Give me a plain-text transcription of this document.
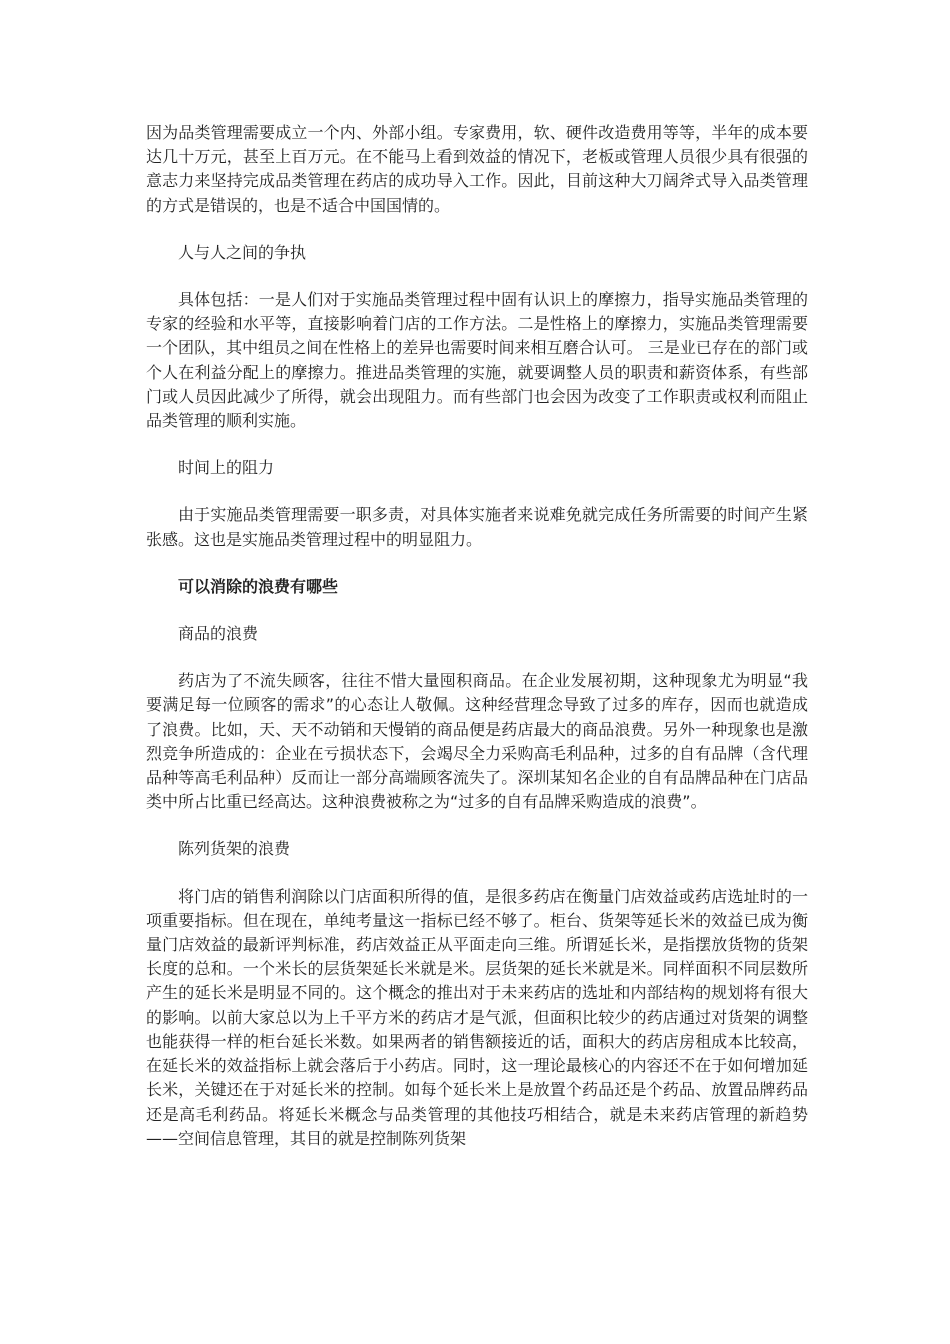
因为品类管理需要成立一个内、外部小组。专家费用，软、硬件改造费用等等，半年的成本要达几十万元，甚至上百万元。在不能马上看到效益的情况下，老板或管理人员很少具有很强的意志力来坚持完成品类管理在药店的成功导入工作。因此，目前这种大刀阔斧式导入品类管理的方式是错误的，也是不适合中国国情的。

人与人之间的争执

具体包括：一是人们对于实施品类管理过程中固有认识上的摩擦力，指导实施品类管理的专家的经验和水平等，直接影响着门店的工作方法。二是性格上的摩擦力，实施品类管理需要一个团队，其中组员之间在性格上的差异也需要时间来相互磨合认可。 三是业已存在的部门或个人在利益分配上的摩擦力。推进品类管理的实施，就要调整人员的职责和薪资体系，有些部门或人员因此减少了所得，就会出现阻力。而有些部门也会因为改变了工作职责或权利而阻止品类管理的顺利实施。

时间上的阻力

由于实施品类管理需要一职多责，对具体实施者来说难免就完成任务所需要的时间产生紧张感。这也是实施品类管理过程中的明显阻力。

可以消除的浪费有哪些

商品的浪费

药店为了不流失顾客，往往不惜大量囤积商品。在企业发展初期，这种现象尤为明显“我要满足每一位顾客的需求”的心态让人敬佩。这种经营理念导致了过多的库存，因而也就造成了浪费。比如，天、天不动销和天慢销的商品便是药店最大的商品浪费。另外一种现象也是激烈竞争所造成的：企业在亏损状态下，会竭尽全力采购高毛利品种，过多的自有品牌（含代理品种等高毛利品种）反而让一部分高端顾客流失了。深圳某知名企业的自有品牌品种在门店品类中所占比重已经高达。这种浪费被称之为“过多的自有品牌采购造成的浪费”。

陈列货架的浪费

将门店的销售利润除以门店面积所得的值，是很多药店在衡量门店效益或药店选址时的一项重要指标。但在现在，单纯考量这一指标已经不够了。柜台、货架等延长米的效益已成为衡量门店效益的最新评判标准，药店效益正从平面走向三维。所谓延长米，是指摆放货物的货架长度的总和。一个米长的层货架延长米就是米。层货架的延长米就是米。同样面积不同层数所产生的延长米是明显不同的。这个概念的推出对于未来药店的选址和内部结构的规划将有很大的影响。以前大家总以为上千平方米的药店才是气派，但面积比较少的药店通过对货架的调整也能获得一样的柜台延长米数。如果两者的销售额接近的话，面积大的药店房租成本比较高，在延长米的效益指标上就会落后于小药店。同时，这一理论最核心的内容还不在于如何增加延长米，关键还在于对延长米的控制。如每个延长米上是放置个药品还是个药品、放置品牌药品还是高毛利药品。将延长米概念与品类管理的其他技巧相结合，就是未来药店管理的新趋势——空间信息管理，其目的就是控制陈列货架
